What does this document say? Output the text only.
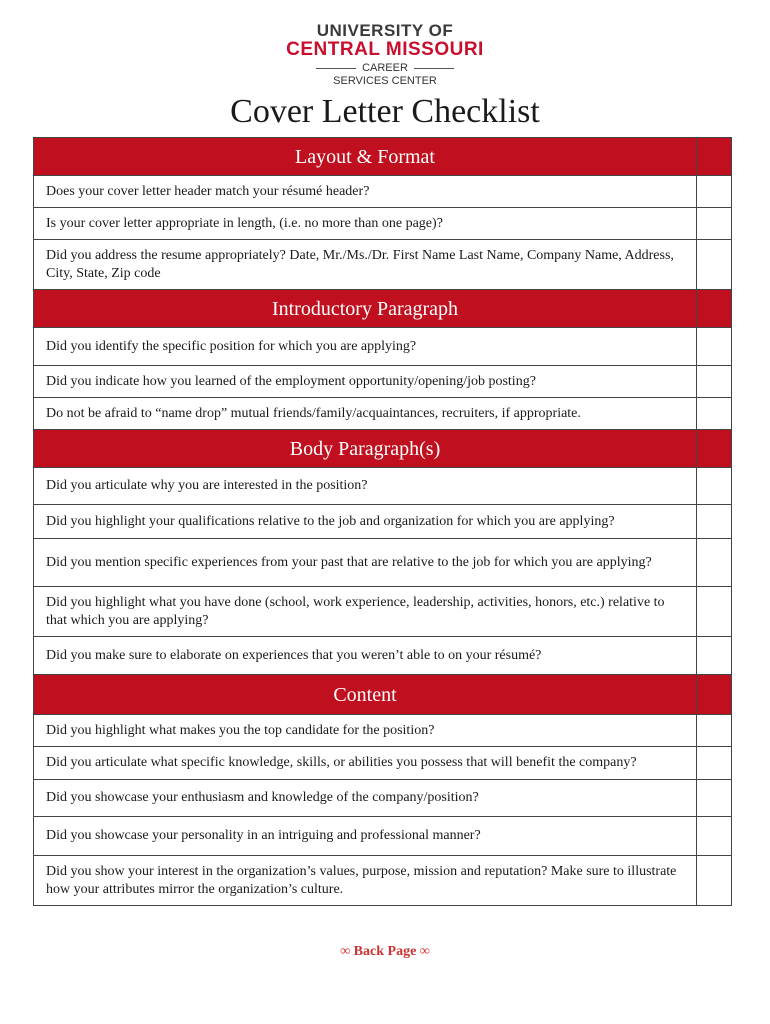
UNIVERSITY OF
CENTRAL MISSOURI
CAREER
SERVICES CENTER
Cover Letter Checklist
Layout & Format	
Does your cover letter header match your résumé header?	
Is your cover letter appropriate in length, (i.e. no more than one page)?	
Did you address the resume appropriately? Date, Mr./Ms./Dr. First Name Last Name, Company Name, Address, City, State, Zip code	
Introductory Paragraph	
Did you identify the specific position for which you are applying?	
Did you indicate how you learned of the employment opportunity/opening/job posting?	
Do not be afraid to “name drop” mutual friends/family/acquaintances, recruiters, if appropriate.	
Body Paragraph(s)	
Did you articulate why you are interested in the position?	
Did you highlight your qualifications relative to the job and organization for which you are applying?	
Did you mention specific experiences from your past that are relative to the job for which you are applying?	
Did you highlight what you have done (school, work experience, leadership, activities, honors, etc.) relative to that which you are applying?	
Did you make sure to elaborate on experiences that you weren’t able to on your résumé?	
Content	
Did you highlight what makes you the top candidate for the position?	
Did you articulate what specific knowledge, skills, or abilities you possess that will benefit the company?	
Did you showcase your enthusiasm and knowledge of the company/position?	
Did you showcase your personality in an intriguing and professional manner?	
Did you show your interest in the organization’s values, purpose, mission and reputation? Make sure to illustrate how your attributes mirror the organization’s culture.	
∞ Back Page ∞
